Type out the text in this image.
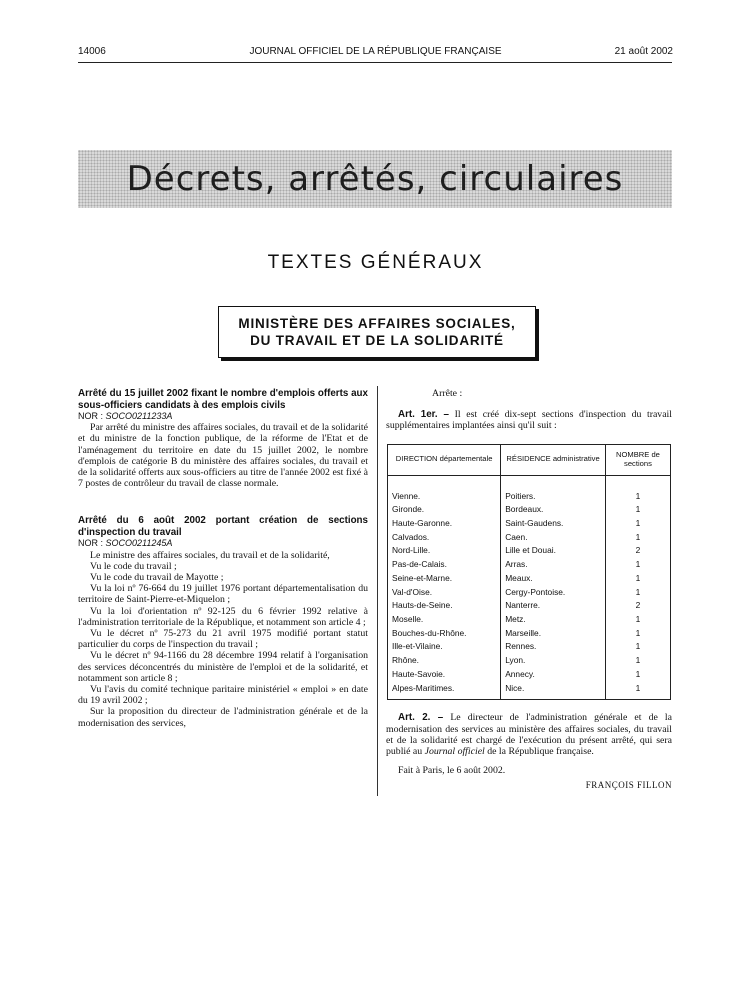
14006	JOURNAL OFFICIEL DE LA RÉPUBLIQUE FRANÇAISE	21 août 2002
Décrets, arrêtés, circulaires
TEXTES GÉNÉRAUX
MINISTÈRE DES AFFAIRES SOCIALES,
DU TRAVAIL ET DE LA SOLIDARITÉ

Arrêté du 15 juillet 2002 fixant le nombre d'emplois offerts aux sous-officiers candidats à des emplois civils

NOR : SOCO0211233A

Par arrêté du ministre des affaires sociales, du travail et de la solidarité et du ministre de la fonction publique, de la réforme de l'Etat et de l'aménagement du territoire en date du 15 juillet 2002, le nombre d'emplois de catégorie B du ministère des affaires sociales, du travail et de la solidarité offerts aux sous-officiers au titre de l'année 2002 est fixé à 7 postes de contrôleur du travail de classe normale.

Arrêté du 6 août 2002 portant création de sections d'inspection du travail

NOR : SOCO0211245A

Le ministre des affaires sociales, du travail et de la solidarité,

Vu le code du travail ;

Vu le code du travail de Mayotte ;

Vu la loi nº 76-664 du 19 juillet 1976 portant départementalisation du territoire de Saint-Pierre-et-Miquelon ;

Vu la loi d'orientation nº 92-125 du 6 février 1992 relative à l'administration territoriale de la République, et notamment son article 4 ;

Vu le décret nº 75-273 du 21 avril 1975 modifié portant statut particulier du corps de l'inspection du travail ;

Vu le décret nº 94-1166 du 28 décembre 1994 relatif à l'organisation des services déconcentrés du ministère de l'emploi et de la solidarité, et notamment son article 8 ;

Vu l'avis du comité technique paritaire ministériel « emploi » en date du 19 avril 2002 ;

Sur la proposition du directeur de l'administration générale et de la modernisation des services,

Arrête :

Art. 1er. – Il est créé dix-sept sections d'inspection du travail supplémentaires implantées ainsi qu'il suit :

DIRECTION départementale	RÉSIDENCE administrative	NOMBRE de sections

Vienne.	Poitiers.	1
Gironde.	Bordeaux.	1
Haute-Garonne.	Saint-Gaudens.	1
Calvados.	Caen.	1
Nord-Lille.	Lille et Douai.	2
Pas-de-Calais.	Arras.	1
Seine-et-Marne.	Meaux.	1
Val-d'Oise.	Cergy-Pontoise.	1
Hauts-de-Seine.	Nanterre.	2
Moselle.	Metz.	1
Bouches-du-Rhône.	Marseille.	1
Ille-et-Vilaine.	Rennes.	1
Rhône.	Lyon.	1
Haute-Savoie.	Annecy.	1
Alpes-Maritimes.	Nice.	1

Art. 2. – Le directeur de l'administration générale et de la modernisation des services au ministère des affaires sociales, du travail et de la solidarité est chargé de l'exécution du présent arrêté, qui sera publié au Journal officiel de la République française.

Fait à Paris, le 6 août 2002.

FRANÇOIS FILLON
